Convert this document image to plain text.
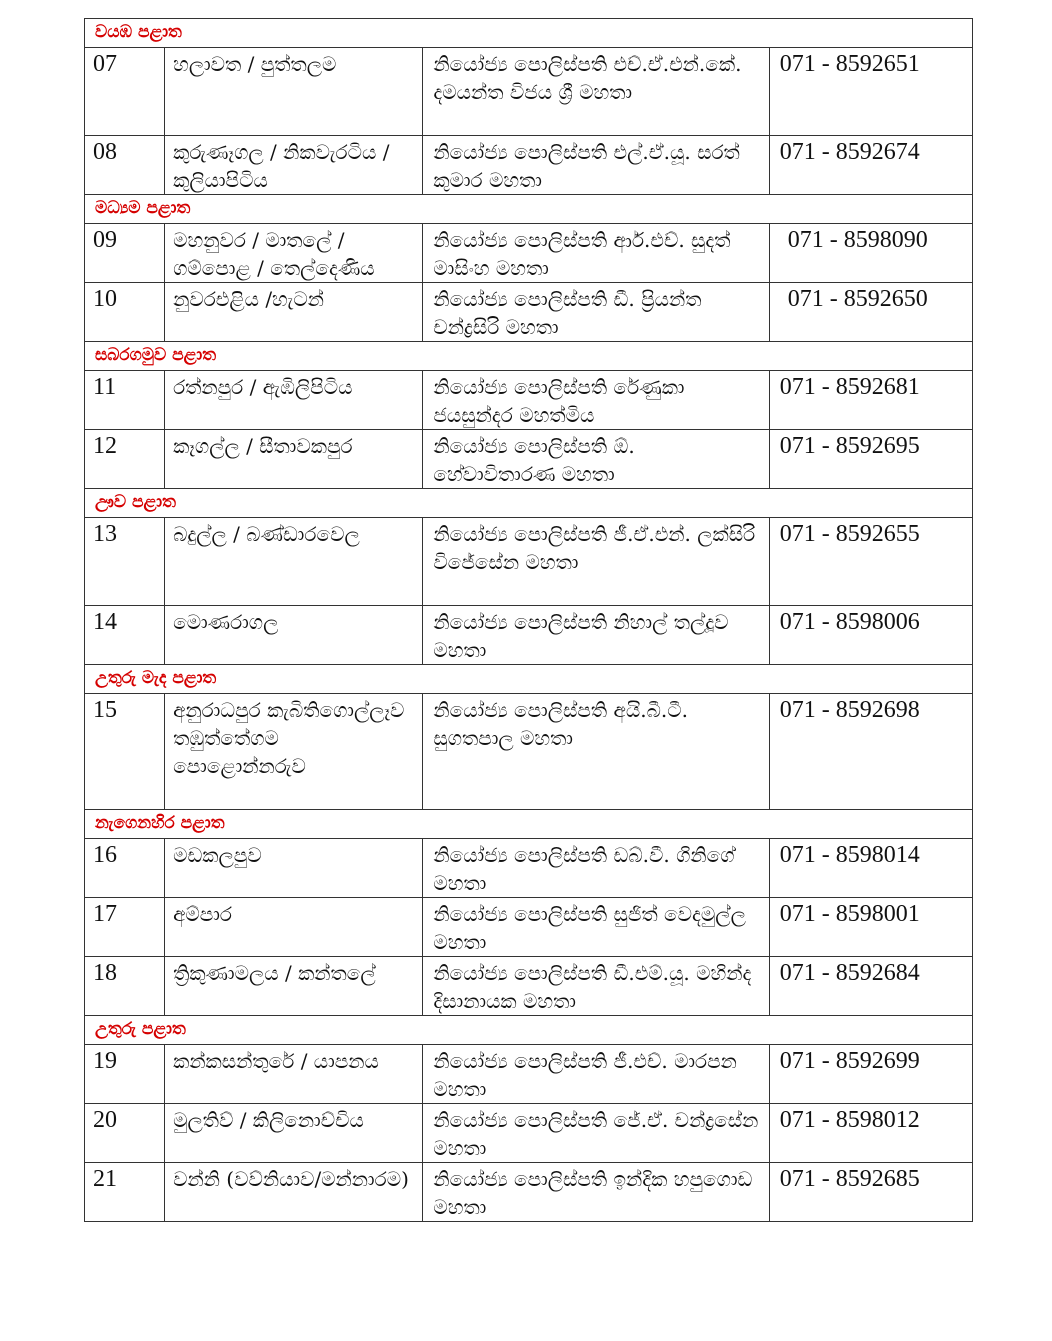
වයඹ පළාත			

07	හලාවත / පුත්තලම	නියෝජ්‍ය පොලිස්පති එච්.ඒ.එන්.කේ. දමයන්ත විජය ශ්‍රී මහතා	071 - 8592651

08	කුරුණෑගල / නිකවැරටිය / කුලියාපිටිය	නියෝජ්‍ය පොලිස්පති එල්.ඒ.යූ. සරත් කුමාර මහතා	071 - 8592674

මධ්‍යම පළාත			

09	මහනුවර / මාතලේ / ගම්පොළ / තෙල්දෙණිය	නියෝජ්‍ය පොලිස්පති ආර්.එච්. සුදත් මාසිංහ මහතා	071 - 8598090

10	නුවරඑළිය /හැටන්	නියෝජ්‍ය පොලිස්පති ඩී. ප්‍රියන්ත චන්ද්‍රසිරි මහතා	071 - 8592650

සබරගමුව පළාත			

11	රත්නපුර / ඇඹිලිපිටිය	නියෝජ්‍ය පොලිස්පති රේණුකා ජයසුන්දර මහත්මිය	071 - 8592681

12	කෑගල්ල / සීතාවකපුර	නියෝජ්‍ය පොලිස්පති ඕ. හේවාවිතාරණ මහතා	071 - 8592695

ඌව පළාත			

13	බදුල්ල / බණ්ඩාරවෙල	නියෝජ්‍ය පොලිස්පති ජී.ඒ.එන්. ලක්සිරි විජේසේන මහතා	071 - 8592655

14	මොණරාගල	නියෝජ්‍ය පොලිස්පති නිහාල් තල්දූව මහතා	071 - 8598006

උතුරු මැද පළාත			

15	අනුරාධපුර කැබිතිගොල්ලෑව තඹුත්තේගම පොළොන්නරුව	නියෝජ්‍ය පොලිස්පති අයි.බී.ටී. සුගතපාල මහතා	071 - 8592698

නැගෙනහිර පළාත			

16	මඩකලපුව	නියෝජ්‍ය පොලිස්පති ඩබ්.වී. ගිනිගේ මහතා	071 - 8598014

17	අම්පාර	නියෝජ්‍ය පොලිස්පති සුජිත් වෙදමුල්ල මහතා	071 - 8598001

18	ත්‍රිකුණාමලය / කන්තලේ	නියෝජ්‍ය පොලිස්පති ඩී.එම්.යූ. මහින්ද දිසානායක මහතා	071 - 8592684

උතුරු පළාත			

19	කන්කසන්තුරේ / යාපනය	නියෝජ්‍ය පොලිස්පති ජී.එච්. මාරපන මහතා	071 - 8592699

20	මුලතිව් / කිලිනොච්චිය	නියෝජ්‍ය පොලිස්පති ජේ.ඒ. චන්ද්‍රසේන මහතා	071 - 8598012

21	වන්නි (වව්නියාව/මන්නාරම)	නියෝජ්‍ය පොලිස්පති ඉන්දික හපුගොඩ මහතා	071 - 8592685
